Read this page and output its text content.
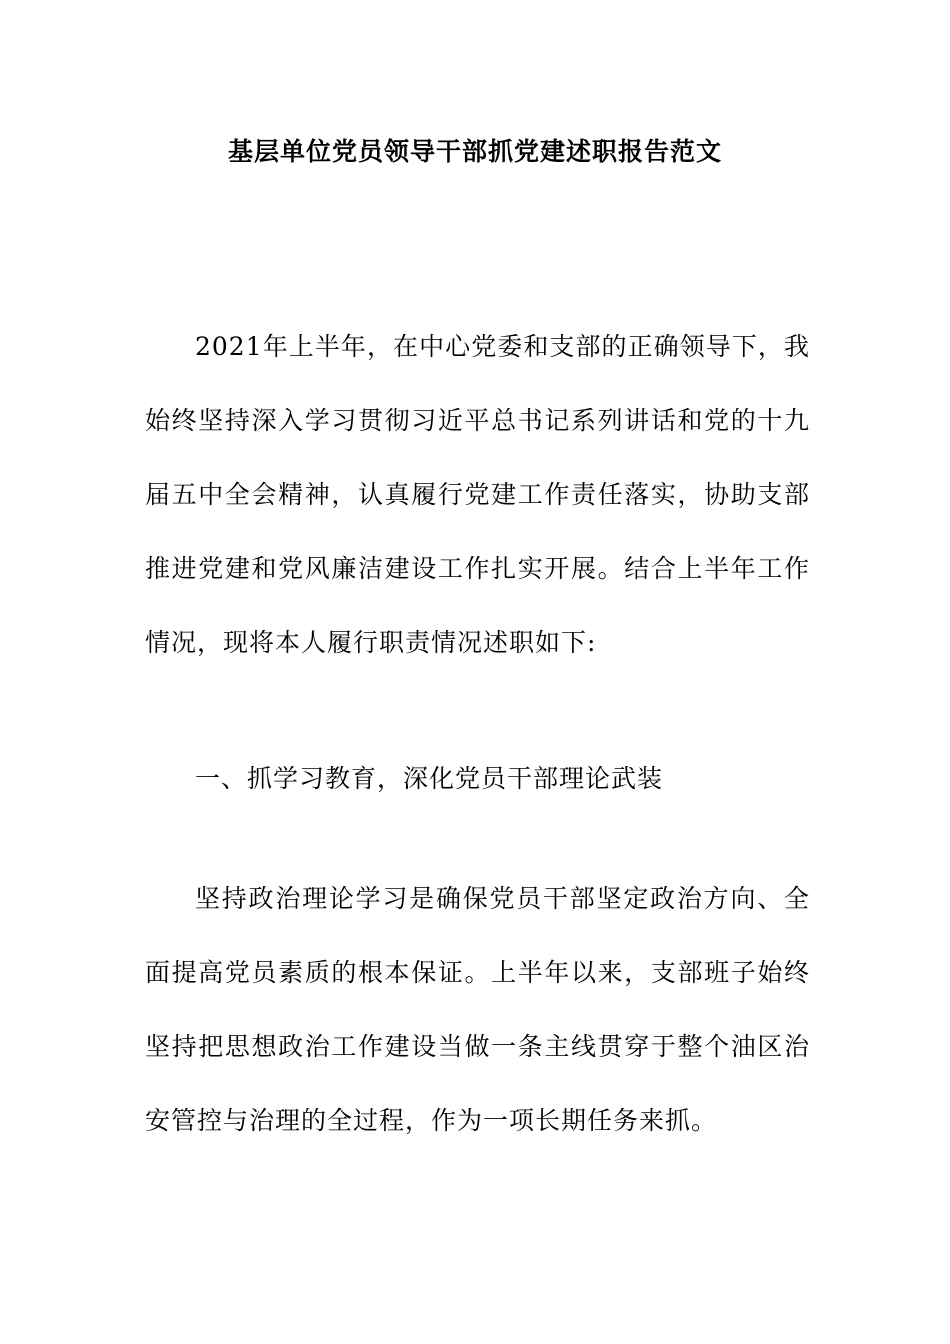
基层单位党员领导干部抓党建述职报告范文

2021年上半年，在中心党委和支部的正确领导下，我始终坚持深入学习贯彻习近平总书记系列讲话和党的十九届五中全会精神，认真履行党建工作责任落实，协助支部推进党建和党风廉洁建设工作扎实开展。结合上半年工作情况，现将本人履行职责情况述职如下:

一、抓学习教育，深化党员干部理论武装

坚持政治理论学习是确保党员干部坚定政治方向、全面提高党员素质的根本保证。上半年以来，支部班子始终坚持把思想政治工作建设当做一条主线贯穿于整个油区治安管控与治理的全过程，作为一项长期任务来抓。
